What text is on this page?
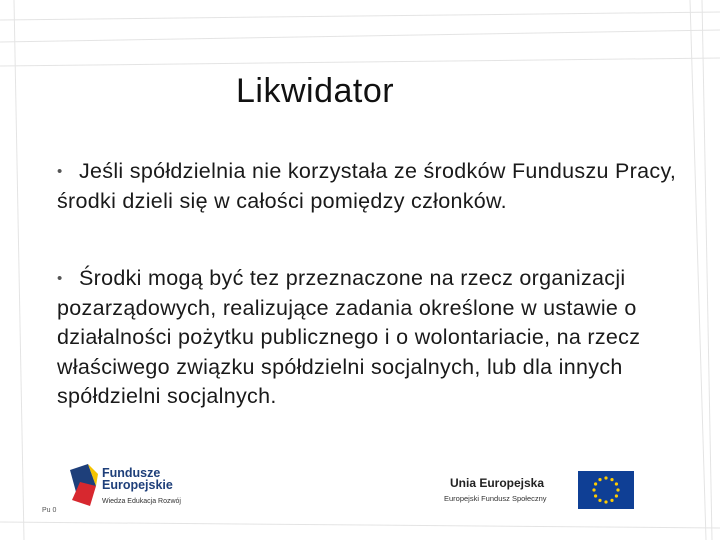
Likwidator
• Jeśli spółdzielnia nie korzystała ze środków Funduszu Pracy, środki dzieli się w całości pomiędzy członków.
• Środki mogą być tez przeznaczone na rzecz organizacji pozarządowych, realizujące zadania określone w ustawie o działalności pożytku publicznego i o wolontariacie, na rzecz właściwego związku spółdzielni socjalnych, lub dla innych spółdzielni socjalnych.
Pu 0
Fundusze
Europejskie
Wiedza Edukacja Rozwój
Unia Europejska
Europejski Fundusz Społeczny
